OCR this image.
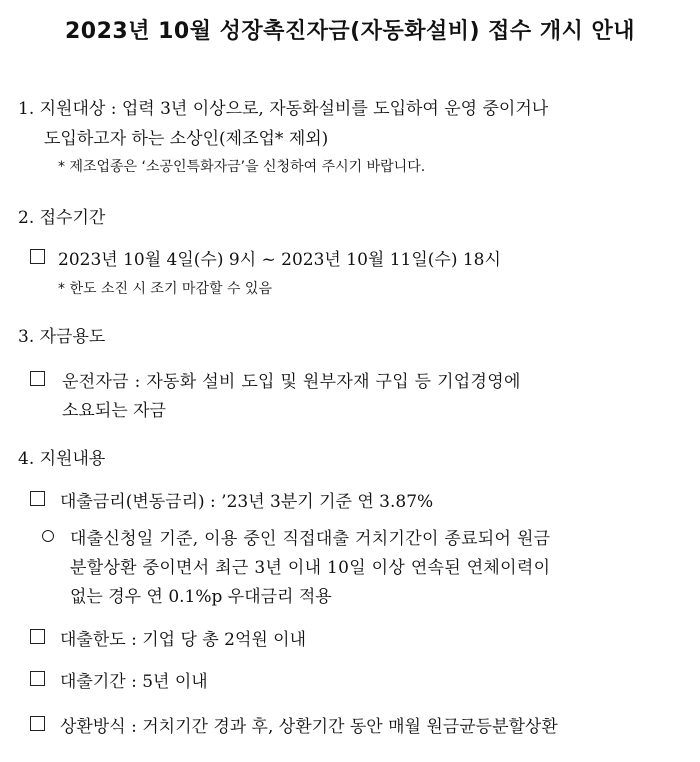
2023년 10월 성장촉진자금(자동화설비) 접수 개시 안내
1. 지원대상 : 업력 3년 이상으로, 자동화설비를 도입하여 운영 중이거나
도입하고자 하는 소상인(제조업* 제외)
* 제조업종은 ‘소공인특화자금’을 신청하여 주시기 바랍니다.
2. 접수기간
2023년 10월 4일(수) 9시 ~ 2023년 10월 11일(수) 18시
* 한도 소진 시 조기 마감할 수 있음
3. 자금용도
운전자금 : 자동화 설비 도입 및 원부자재 구입 등 기업경영에
소요되는 자금
4. 지원내용
대출금리(변동금리) : ’23년 3분기 기준 연 3.87%
대출신청일 기준, 이용 중인 직접대출 거치기간이 종료되어 원금
분할상환 중이면서 최근 3년 이내 10일 이상 연속된 연체이력이
없는 경우 연 0.1%p 우대금리 적용
대출한도 : 기업 당 총 2억원 이내
대출기간 : 5년 이내
상환방식 : 거치기간 경과 후, 상환기간 동안 매월 원금균등분할상환
